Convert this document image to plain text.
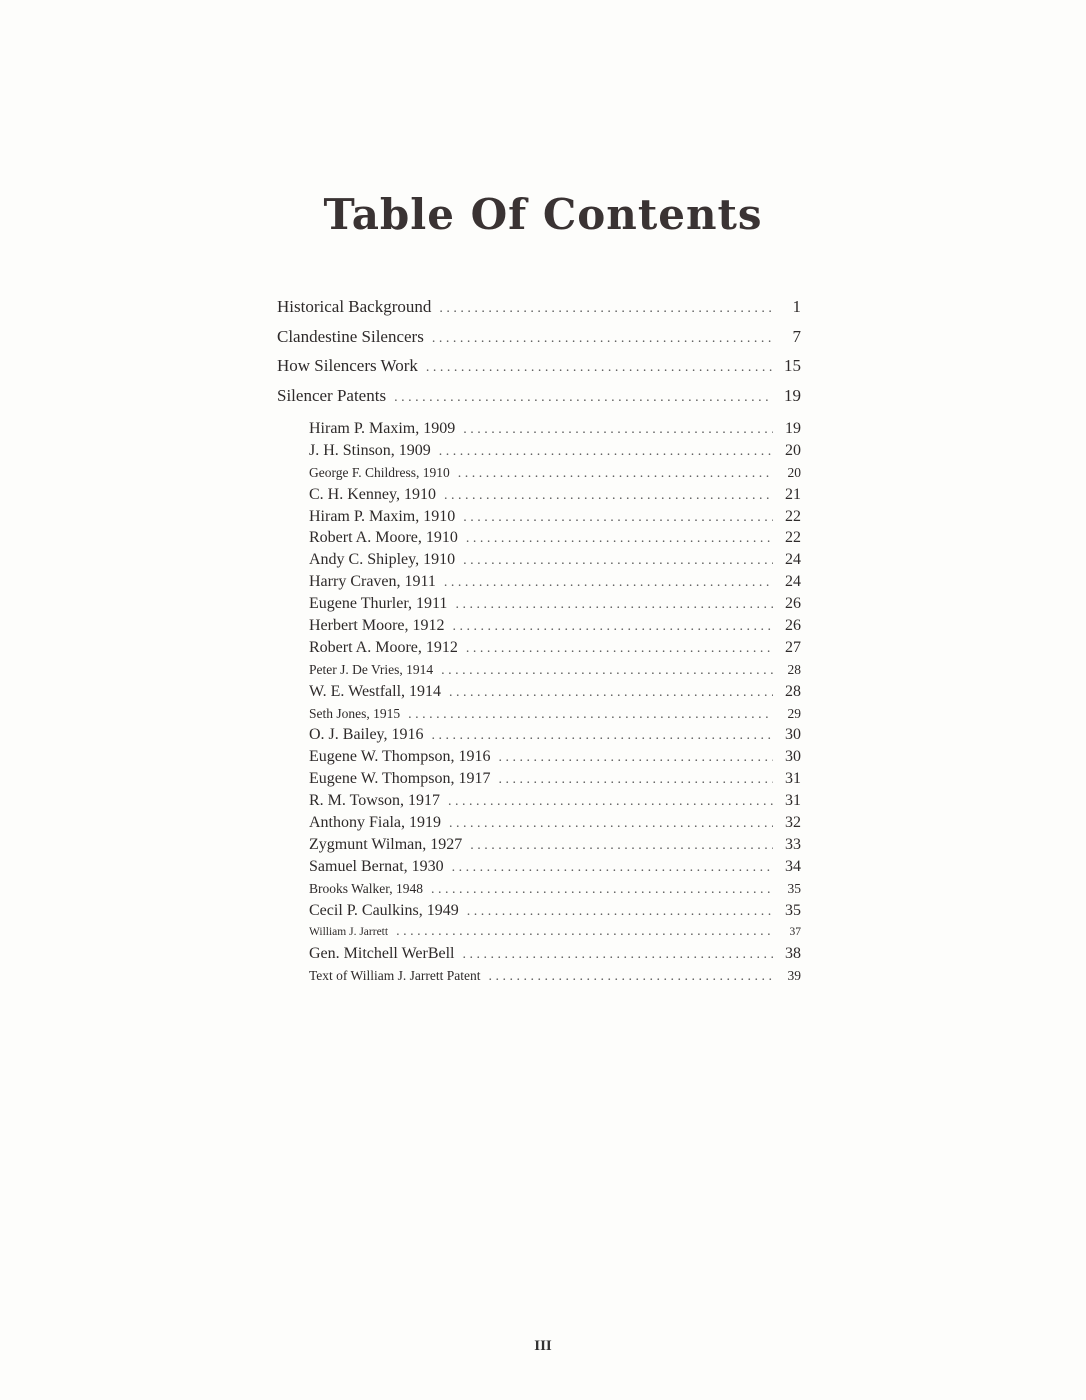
Table Of Contents
Historical Background . . .	1
Clandestine Silencers . . .	7
How Silencers Work . . .	15
Silencer Patents . . .	19
Hiram P. Maxim, 1909 . . .	19
J. H. Stinson, 1909 . . .	20
George F. Childress, 1910 . . .	20
C. H. Kenney, 1910 . . .	21
Hiram P. Maxim, 1910 . . .	22
Robert A. Moore, 1910 . . .	22
Andy C. Shipley, 1910 . . .	24
Harry Craven, 1911 . . .	24
Eugene Thurler, 1911 . . .	26
Herbert Moore, 1912 . . .	26
Robert A. Moore, 1912 . . .	27
Peter J. De Vries, 1914 . . .	28
W. E. Westfall, 1914 . . .	28
Seth Jones, 1915 . . .	29
O. J. Bailey, 1916 . . .	30
Eugene W. Thompson, 1916 . . .	30
Eugene W. Thompson, 1917 . . .	31
R. M. Towson, 1917 . . .	31
Anthony Fiala, 1919 . . .	32
Zygmunt Wilman, 1927 . . .	33
Samuel Bernat, 1930 . . .	34
Brooks Walker, 1948 . . .	35
Cecil P. Caulkins, 1949 . . .	35
William J. Jarrett . . .	37
Gen. Mitchell WerBell . . .	38
Text of William J. Jarrett Patent . . .	39
III
